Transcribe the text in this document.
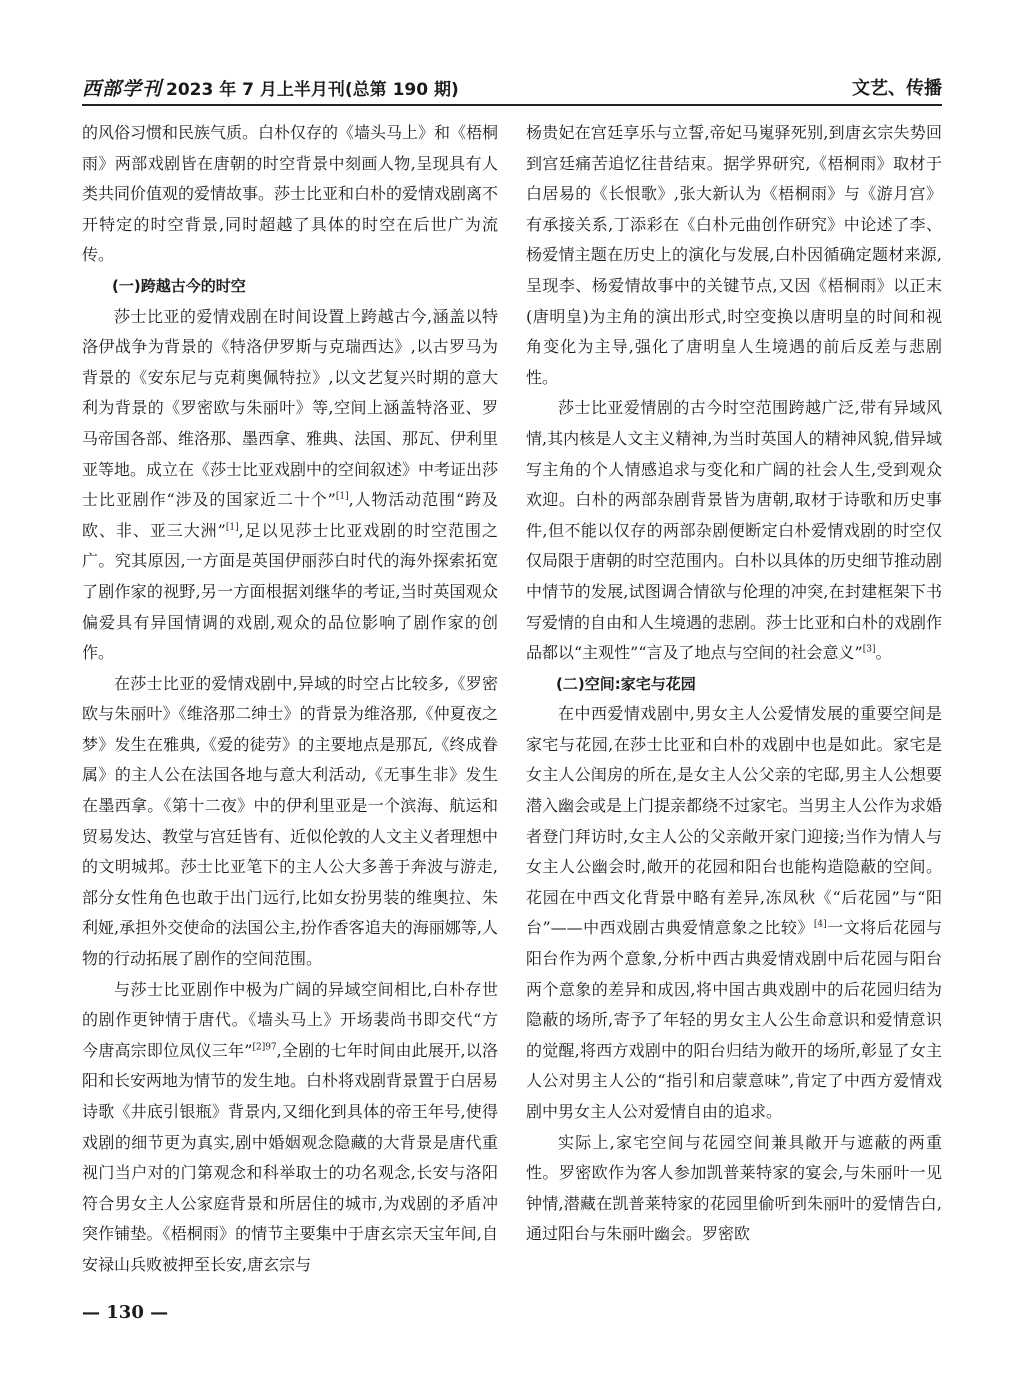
西部学刊 2023 年 7 月上半月刊(总第 190 期)	文艺、传播

的风俗习惯和民族气质。白朴仅存的《墙头马上》和《梧桐雨》两部戏剧皆在唐朝的时空背景中刻画人物,呈现具有人类共同价值观的爱情故事。莎士比亚和白朴的爱情戏剧离不开特定的时空背景,同时超越了具体的时空在后世广为流传。

(一)跨越古今的时空

莎士比亚的爱情戏剧在时间设置上跨越古今,涵盖以特洛伊战争为背景的《特洛伊罗斯与克瑞西达》,以古罗马为背景的《安东尼与克莉奥佩特拉》,以文艺复兴时期的意大利为背景的《罗密欧与朱丽叶》等,空间上涵盖特洛亚、罗马帝国各部、维洛那、墨西拿、雅典、法国、那瓦、伊利里亚等地。成立在《莎士比亚戏剧中的空间叙述》中考证出莎士比亚剧作“涉及的国家近二十个”[1],人物活动范围“跨及欧、非、亚三大洲”[1],足以见莎士比亚戏剧的时空范围之广。究其原因,一方面是英国伊丽莎白时代的海外探索拓宽了剧作家的视野,另一方面根据刘继华的考证,当时英国观众偏爱具有异国情调的戏剧,观众的品位影响了剧作家的创作。

在莎士比亚的爱情戏剧中,异域的时空占比较多,《罗密欧与朱丽叶》《维洛那二绅士》的背景为维洛那,《仲夏夜之梦》发生在雅典,《爱的徒劳》的主要地点是那瓦,《终成眷属》的主人公在法国各地与意大利活动,《无事生非》发生在墨西拿。《第十二夜》中的伊利里亚是一个滨海、航运和贸易发达、教堂与宫廷皆有、近似伦敦的人文主义者理想中的文明城邦。莎士比亚笔下的主人公大多善于奔波与游走,部分女性角色也敢于出门远行,比如女扮男装的维奥拉、朱利娅,承担外交使命的法国公主,扮作香客追夫的海丽娜等,人物的行动拓展了剧作的空间范围。

与莎士比亚剧作中极为广阔的异域空间相比,白朴存世的剧作更钟情于唐代。《墙头马上》开场裴尚书即交代“方今唐高宗即位凤仪三年”$^{[2]97}$,全剧的七年时间由此展开,以洛阳和长安两地为情节的发生地。白朴将戏剧背景置于白居易诗歌《井底引银瓶》背景内,又细化到具体的帝王年号,使得戏剧的细节更为真实,剧中婚姻观念隐藏的大背景是唐代重视门当户对的门第观念和科举取士的功名观念,长安与洛阳符合男女主人公家庭背景和所居住的城市,为戏剧的矛盾冲突作铺垫。《梧桐雨》的情节主要集中于唐玄宗天宝年间,自安禄山兵败被押至长安,唐玄宗与

杨贵妃在宫廷享乐与立誓,帝妃马嵬驿死别,到唐玄宗失势回到宫廷痛苦追忆往昔结束。据学界研究,《梧桐雨》取材于白居易的《长恨歌》,张大新认为《梧桐雨》与《游月宫》有承接关系,丁添彩在《白朴元曲创作研究》中论述了李、杨爱情主题在历史上的演化与发展,白朴因循确定题材来源,呈现李、杨爱情故事中的关键节点,又因《梧桐雨》以正末(唐明皇)为主角的演出形式,时空变换以唐明皇的时间和视角变化为主导,强化了唐明皇人生境遇的前后反差与悲剧性。

莎士比亚爱情剧的古今时空范围跨越广泛,带有异域风情,其内核是人文主义精神,为当时英国人的精神风貌,借异域写主角的个人情感追求与变化和广阔的社会人生,受到观众欢迎。白朴的两部杂剧背景皆为唐朝,取材于诗歌和历史事件,但不能以仅存的两部杂剧便断定白朴爱情戏剧的时空仅仅局限于唐朝的时空范围内。白朴以具体的历史细节推动剧中情节的发展,试图调合情欲与伦理的冲突,在封建框架下书写爱情的自由和人生境遇的悲剧。莎士比亚和白朴的戏剧作品都以“主观性”“言及了地点与空间的社会意义”[3]。

(二)空间:家宅与花园

在中西爱情戏剧中,男女主人公爱情发展的重要空间是家宅与花园,在莎士比亚和白朴的戏剧中也是如此。家宅是女主人公闺房的所在,是女主人公父亲的宅邸,男主人公想要潜入幽会或是上门提亲都绕不过家宅。当男主人公作为求婚者登门拜访时,女主人公的父亲敞开家门迎接;当作为情人与女主人公幽会时,敞开的花园和阳台也能构造隐蔽的空间。花园在中西文化背景中略有差异,冻凤秋《“后花园”与“阳台”——中西戏剧古典爱情意象之比较》[4]一文将后花园与阳台作为两个意象,分析中西古典爱情戏剧中后花园与阳台两个意象的差异和成因,将中国古典戏剧中的后花园归结为隐蔽的场所,寄予了年轻的男女主人公生命意识和爱情意识的觉醒,将西方戏剧中的阳台归结为敞开的场所,彰显了女主人公对男主人公的“指引和启蒙意味”,肯定了中西方爱情戏剧中男女主人公对爱情自由的追求。

实际上,家宅空间与花园空间兼具敞开与遮蔽的两重性。罗密欧作为客人参加凯普莱特家的宴会,与朱丽叶一见钟情,潜藏在凯普莱特家的花园里偷听到朱丽叶的爱情告白,通过阳台与朱丽叶幽会。罗密欧

— 130 —
